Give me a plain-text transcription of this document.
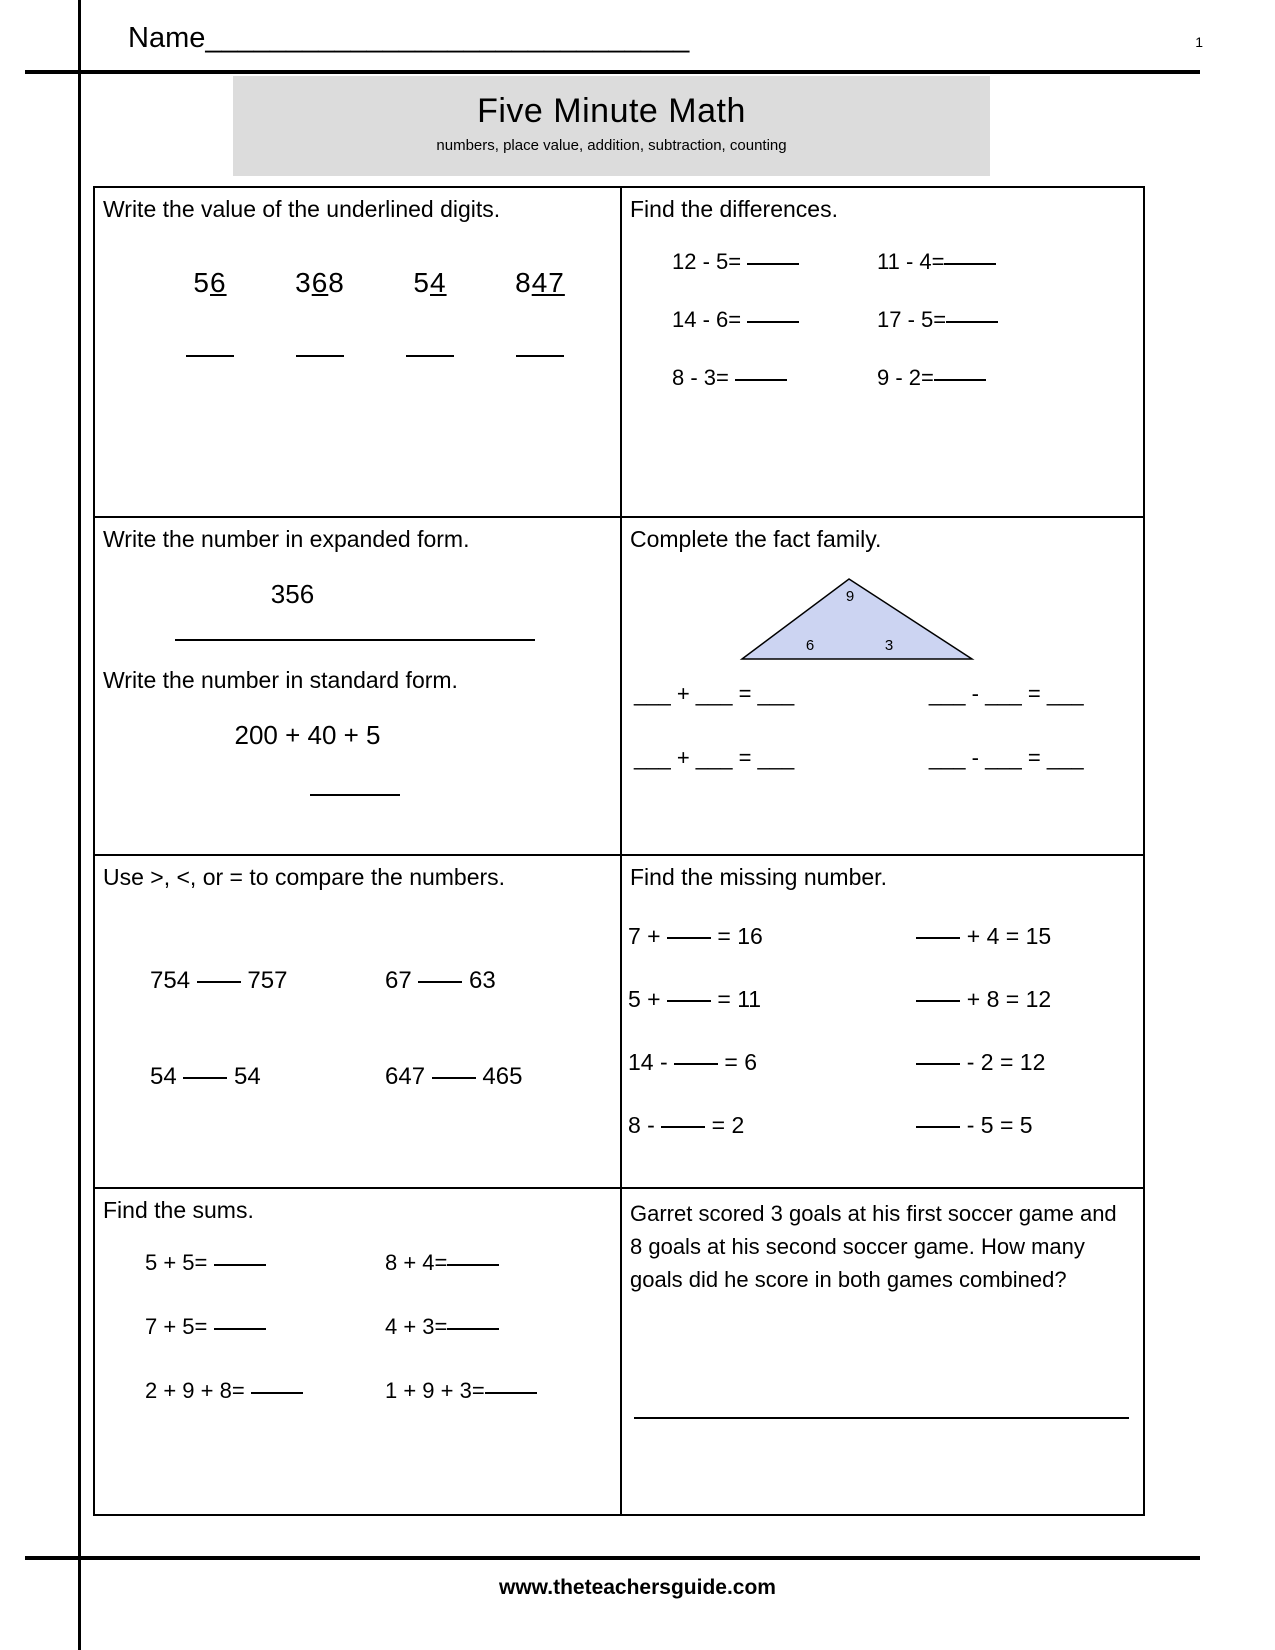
Name______________________________	1
Five Minute Math
numbers, place value, addition, subtraction, counting
Write the value of the underlined digits.
56	368	54	847
Find the differences.
12 - 5=	11 - 4=
14 - 6=	17 - 5=
8 - 3=	9 - 2=
Write the number in expanded form.
356
Write the number in standard form.
200 + 40 + 5
Complete the fact family.
9
6	3
___ + ___ = ___	___ - ___ = ___
___ + ___ = ___	___ - ___ = ___
Use >, <, or = to compare the numbers.
754 757	67 63
54 54	647 465
Find the missing number.
7 +  = 16	+ 4 = 15
5 +  = 11	+ 8 = 12
14 -  = 6	- 2 = 12
8 -  = 2	- 5 = 5
Find the sums.
5 + 5=	8 + 4=
7 + 5=	4 + 3=
2 + 9 + 8=	1 + 9 + 3=
Garret scored 3 goals at his first soccer game and 8 goals at his second soccer game. How many goals did he score in both games combined?
www.theteachersguide.com
